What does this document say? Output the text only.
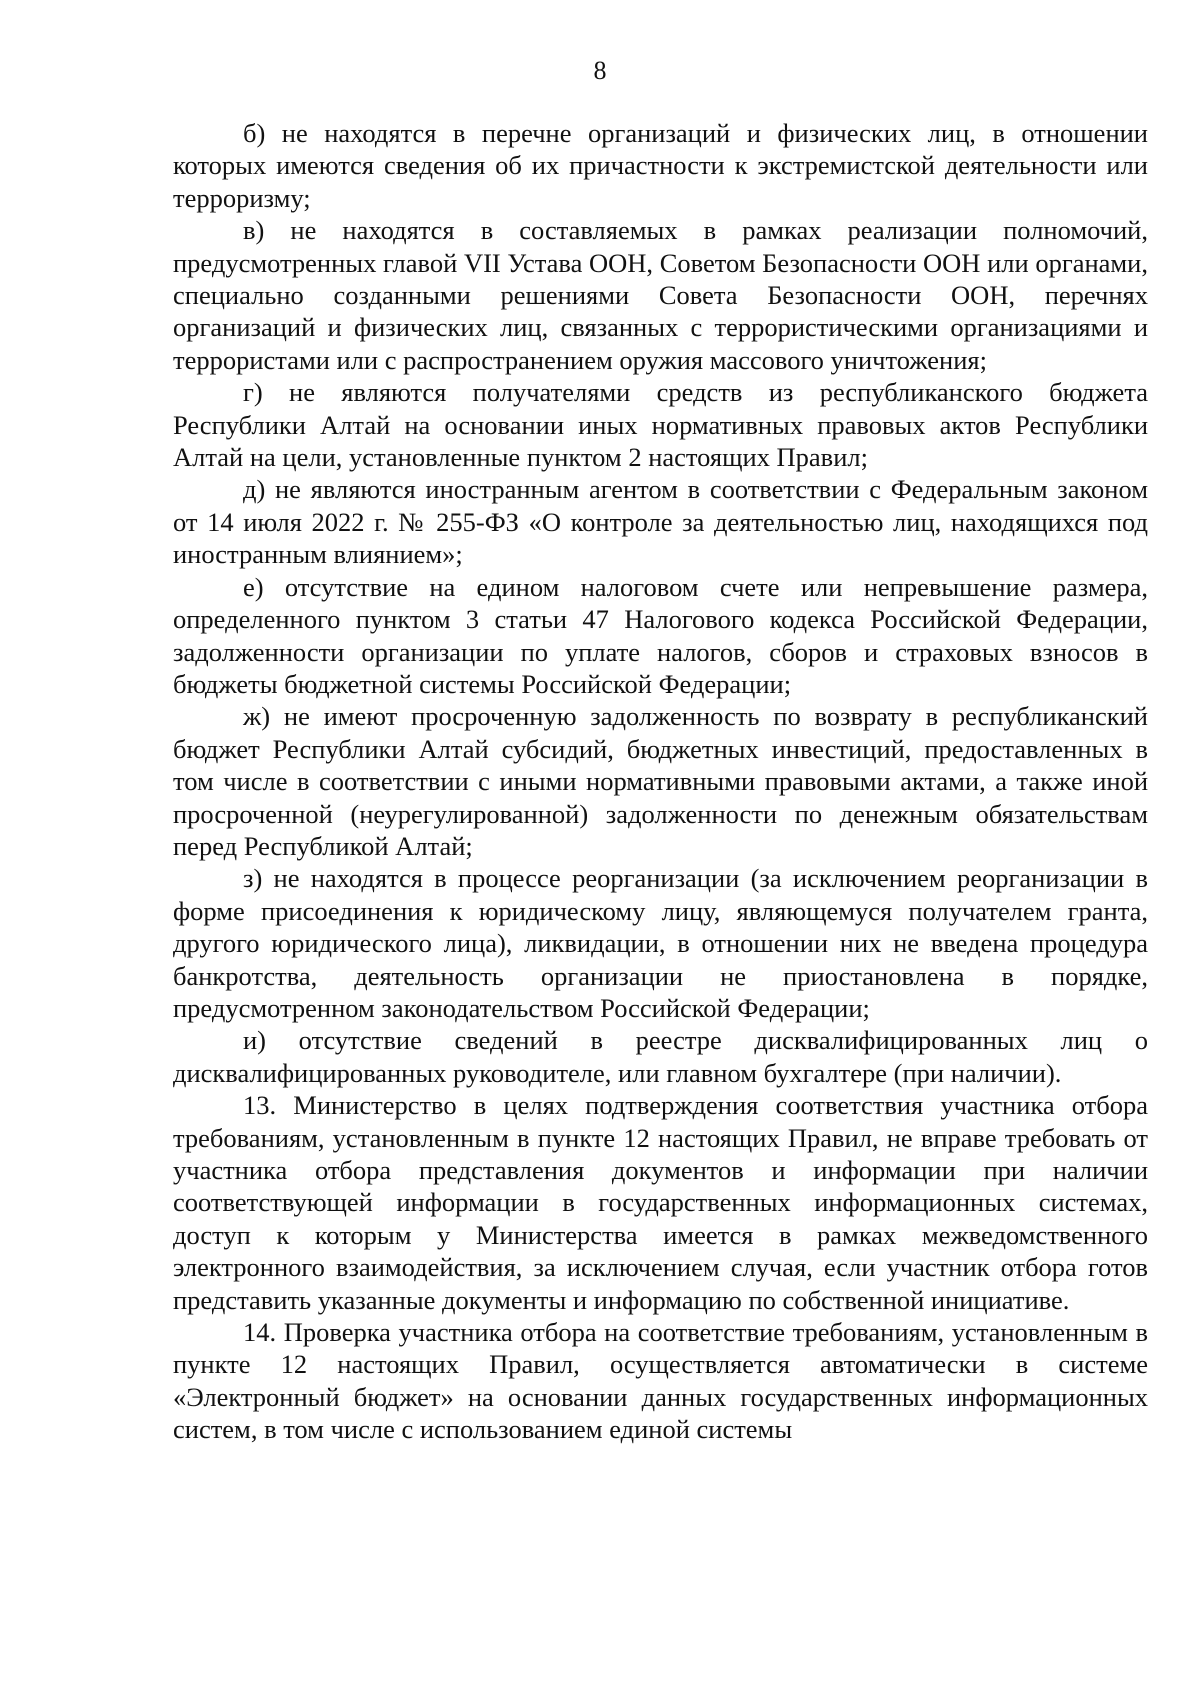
8

б) не находятся в перечне организаций и физических лиц, в отношении которых имеются сведения об их причастности к экстремистской деятельности или терроризму;

в) не находятся в составляемых в рамках реализации полномочий, предусмотренных главой VII Устава ООН, Советом Безопасности ООН или органами, специально созданными решениями Совета Безопасности ООН, перечнях организаций и физических лиц, связанных с террористическими организациями и террористами или с распространением оружия массового уничтожения;

г) не являются получателями средств из республиканского бюджета Республики Алтай на основании иных нормативных правовых актов Республики Алтай на цели, установленные пунктом 2 настоящих Правил;

д) не являются иностранным агентом в соответствии с Федеральным законом от 14 июля 2022 г. № 255-ФЗ «О контроле за деятельностью лиц, находящихся под иностранным влиянием»;

е) отсутствие на едином налоговом счете или непревышение размера, определенного пунктом 3 статьи 47 Налогового кодекса Российской Федерации, задолженности организации по уплате налогов, сборов и страховых взносов в бюджеты бюджетной системы Российской Федерации;

ж) не имеют просроченную задолженность по возврату в республиканский бюджет Республики Алтай субсидий, бюджетных инвестиций, предоставленных в том числе в соответствии с иными нормативными правовыми актами, а также иной просроченной (неурегулированной) задолженности по денежным обязательствам перед Республикой Алтай;

з) не находятся в процессе реорганизации (за исключением реорганизации в форме присоединения к юридическому лицу, являющемуся получателем гранта, другого юридического лица), ликвидации, в отношении них не введена процедура банкротства, деятельность организации не приостановлена в порядке, предусмотренном законодательством Российской Федерации;

и) отсутствие сведений в реестре дисквалифицированных лиц о дисквалифицированных руководителе, или главном бухгалтере (при наличии).

13. Министерство в целях подтверждения соответствия участника отбора требованиям, установленным в пункте 12 настоящих Правил, не вправе требовать от участника отбора представления документов и информации при наличии соответствующей информации в государственных информационных системах, доступ к которым у Министерства имеется в рамках межведомственного электронного взаимодействия, за исключением случая, если участник отбора готов представить указанные документы и информацию по собственной инициативе.

14. Проверка участника отбора на соответствие требованиям, установленным в пункте 12 настоящих Правил, осуществляется автоматически в системе «Электронный бюджет» на основании данных государственных информационных систем, в том числе с использованием единой системы
